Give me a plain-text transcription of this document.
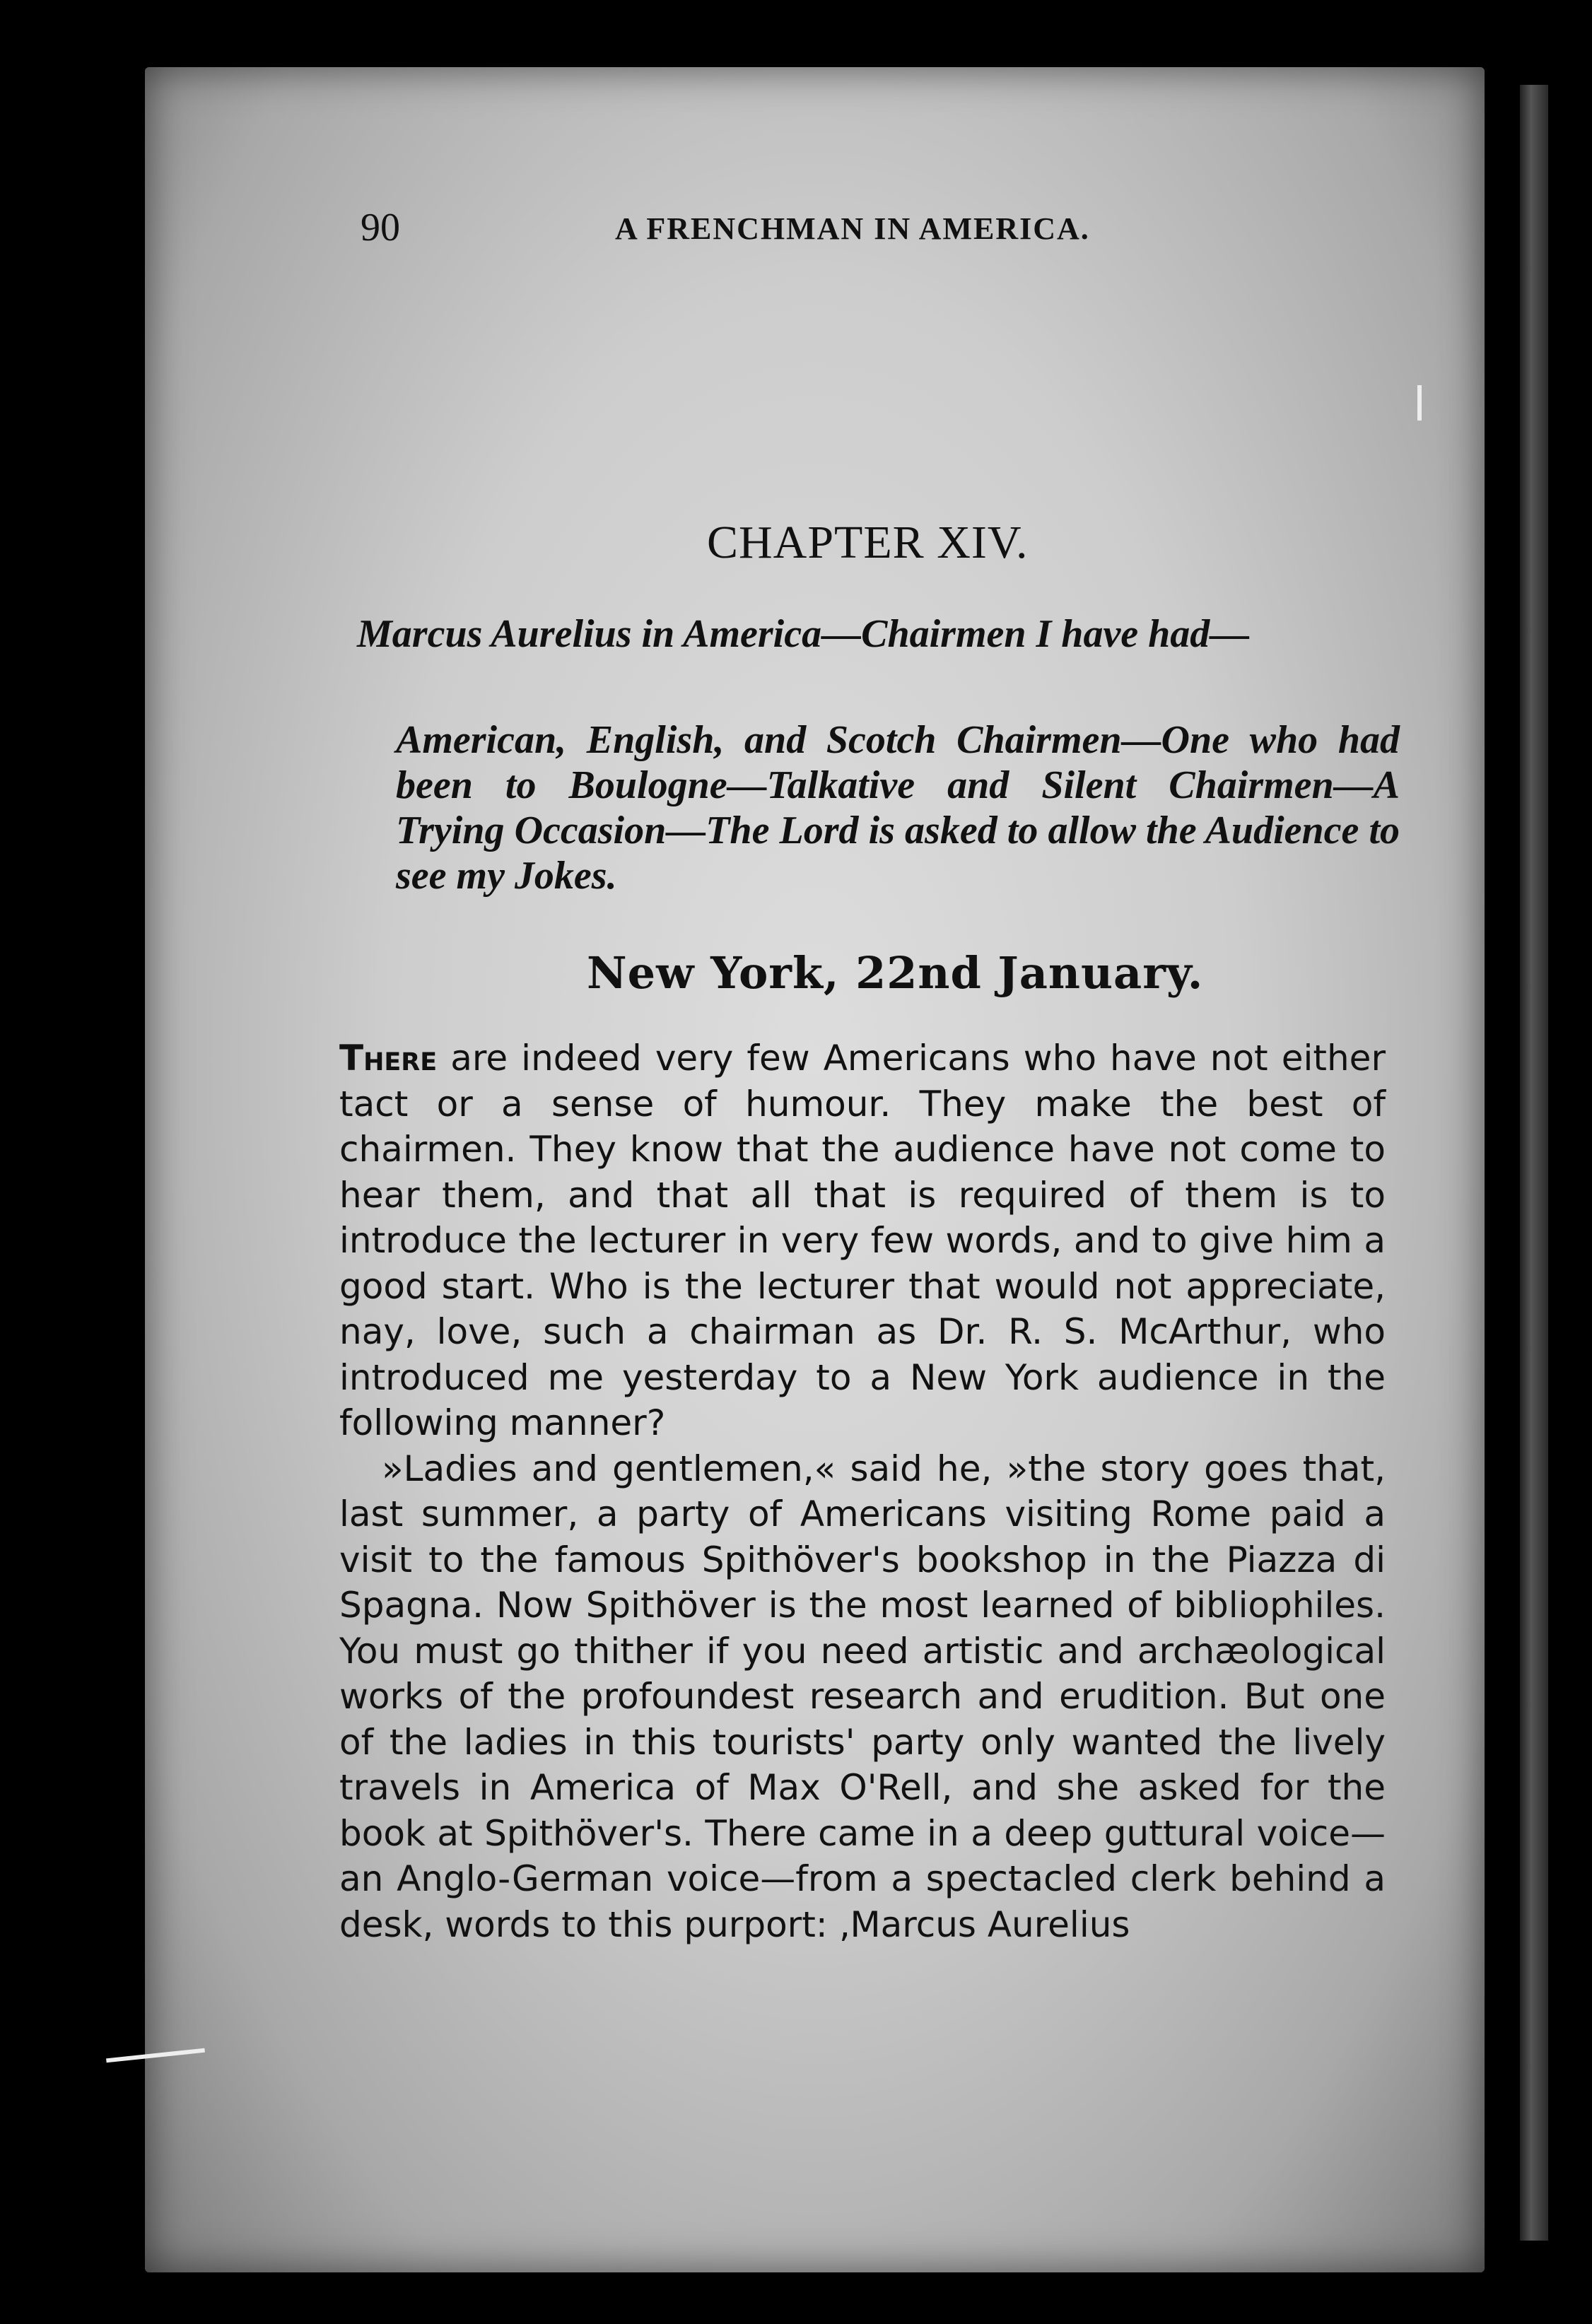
90	A FRENCHMAN IN AMERICA.
CHAPTER XIV.
Marcus Aurelius in America—Chairmen I have had—
American, English, and Scotch Chairmen—One who had been to Boulogne—Talkative and Silent Chairmen—A Trying Occasion—The Lord is asked to allow the Audience to see my Jokes.
New York, 22nd January.

There are indeed very few Americans who have not either tact or a sense of humour. They make the best of chairmen. They know that the audience have not come to hear them, and that all that is required of them is to introduce the lecturer in very few words, and to give him a good start. Who is the lecturer that would not appreciate, nay, love, such a chairman as Dr. R. S. McArthur, who introduced me yesterday to a New York audience in the following manner?

»Ladies and gentlemen,« said he, »the story goes that, last summer, a party of Americans visiting Rome paid a visit to the famous Spithöver's bookshop in the Piazza di Spagna. Now Spithöver is the most learned of bibliophiles. You must go thither if you need artistic and archæological works of the profoundest research and erudition. But one of the ladies in this tourists' party only wanted the lively travels in America of Max O'Rell, and she asked for the book at Spithöver's. There came in a deep guttural voice—an Anglo-German voice—from a spectacled clerk behind a desk, words to this purport: ‚Marcus Aurelius
